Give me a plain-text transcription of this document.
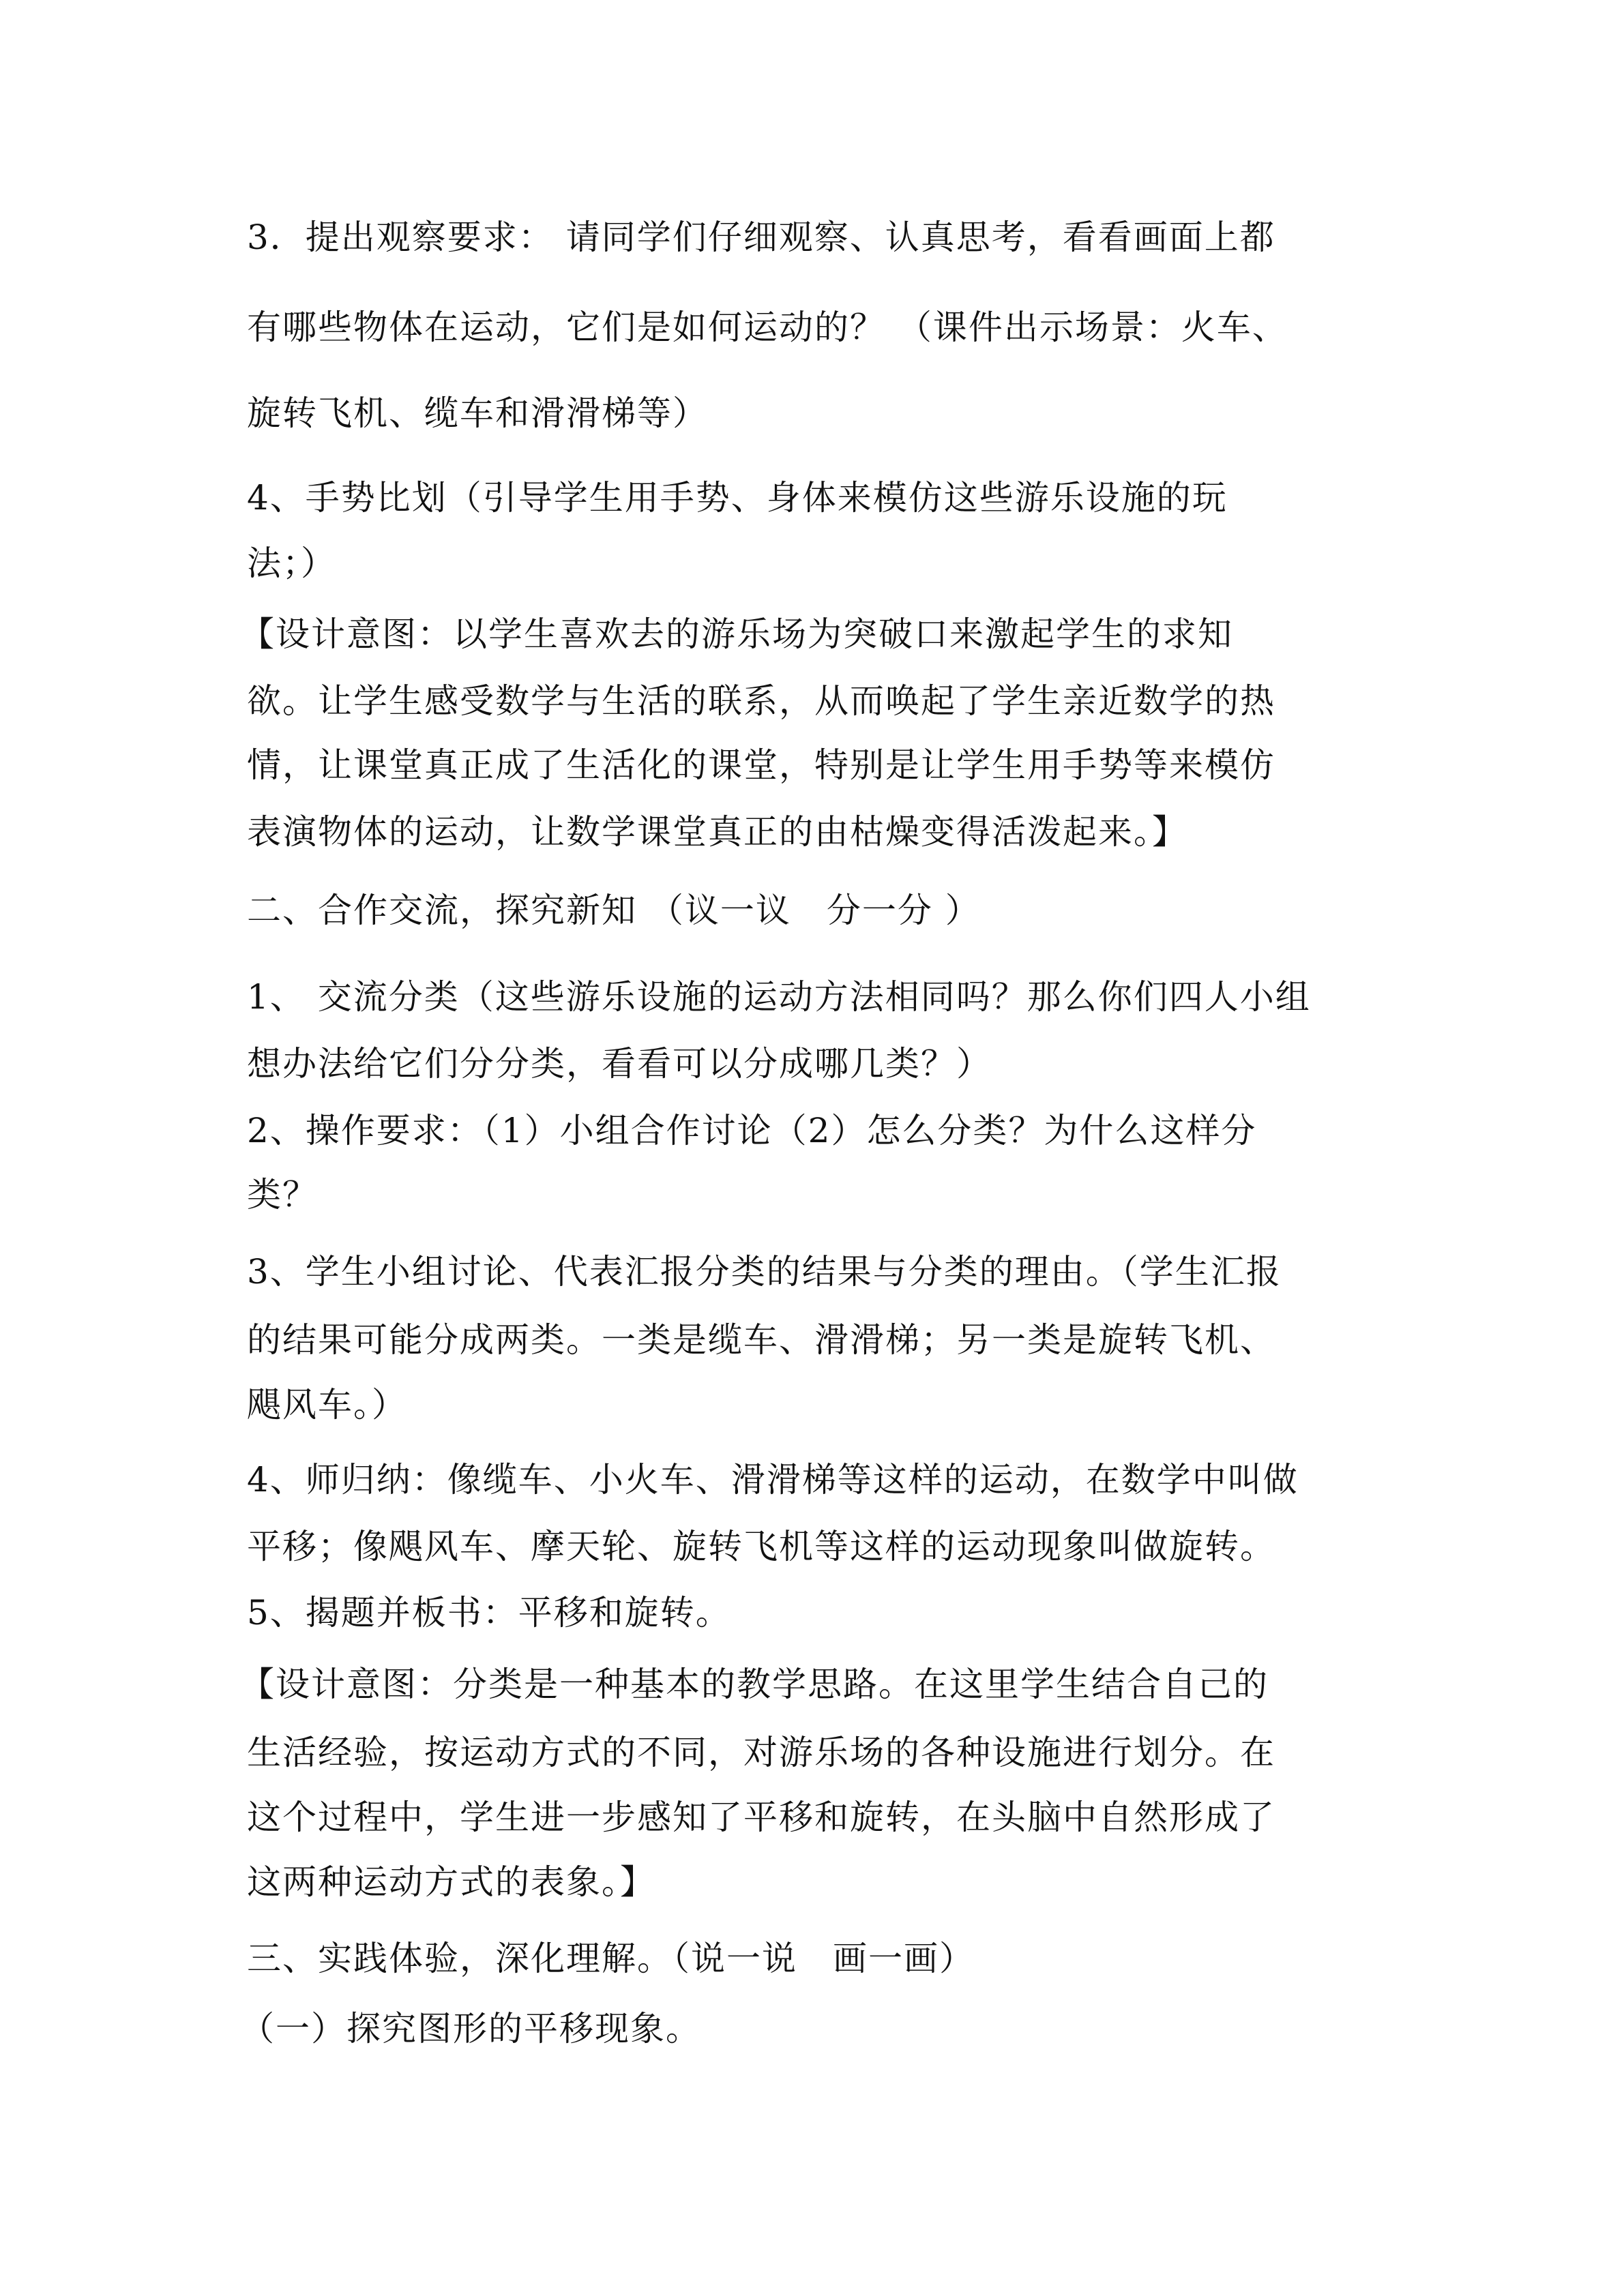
3．提出观察要求： 请同学们仔细观察、认真思考，看看画面上都
有哪些物体在运动，它们是如何运动的？ （课件出示场景：火车、
旋转飞机、缆车和滑滑梯等）
4、手势比划（引导学生用手势、身体来模仿这些游乐设施的玩
法；）
【设计意图：以学生喜欢去的游乐场为突破口来激起学生的求知
欲。让学生感受数学与生活的联系，从而唤起了学生亲近数学的热
情，让课堂真正成了生活化的课堂，特别是让学生用手势等来模仿
表演物体的运动，让数学课堂真正的由枯燥变得活泼起来。】
二、合作交流，探究新知 （议一议　分一分 ）
1、 交流分类（这些游乐设施的运动方法相同吗？那么你们四人小组
想办法给它们分分类，看看可以分成哪几类？）
2、操作要求：（1）小组合作讨论（2）怎么分类？为什么这样分
类？
3、学生小组讨论、代表汇报分类的结果与分类的理由。（学生汇报
的结果可能分成两类。一类是缆车、滑滑梯；另一类是旋转飞机、
飓风车。）
4、师归纳：像缆车、小火车、滑滑梯等这样的运动，在数学中叫做
平移；像飓风车、摩天轮、旋转飞机等这样的运动现象叫做旋转。
5、揭题并板书：平移和旋转。
【设计意图：分类是一种基本的教学思路。在这里学生结合自己的
生活经验，按运动方式的不同，对游乐场的各种设施进行划分。在
这个过程中，学生进一步感知了平移和旋转，在头脑中自然形成了
这两种运动方式的表象。】
三、实践体验，深化理解。（说一说　画一画）
（一）探究图形的平移现象。
